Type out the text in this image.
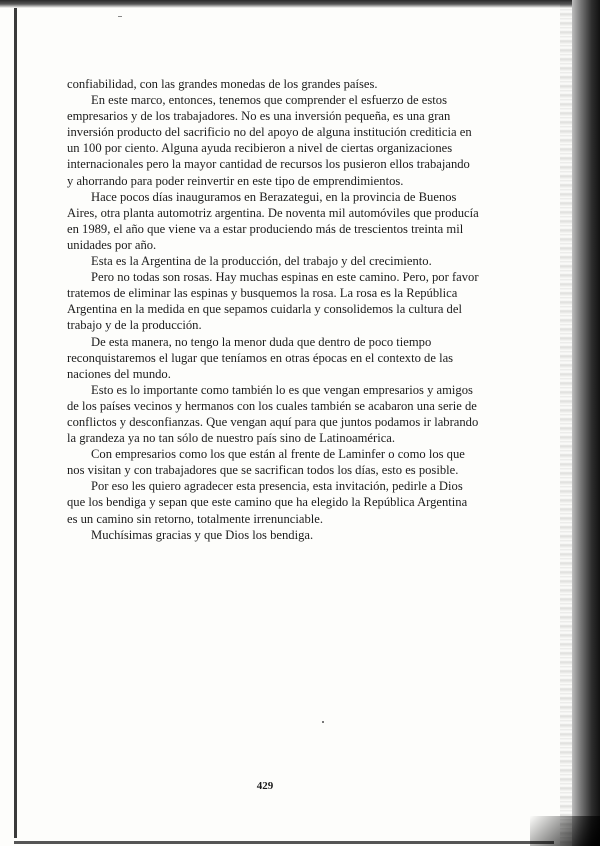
confiabilidad, con las grandes monedas de los grandes países.

En este marco, entonces, tenemos que comprender el esfuerzo de estos empresarios y de los trabajadores. No es una inversión pequeña, es una gran inversión producto del sacrificio no del apoyo de alguna institución crediticia en un 100 por ciento. Alguna ayuda recibieron a nivel de ciertas organizaciones internacionales pero la mayor cantidad de recursos los pusieron ellos trabajando y ahorrando para poder reinvertir en este tipo de emprendimientos.

Hace pocos días inauguramos en Berazategui, en la provincia de Buenos Aires, otra planta automotriz argentina. De noventa mil automóviles que producía en 1989, el año que viene va a estar produciendo más de trescientos treinta mil unidades por año.

Esta es la Argentina de la producción, del trabajo y del crecimiento.

Pero no todas son rosas. Hay muchas espinas en este camino. Pero, por favor tratemos de eliminar las espinas y busquemos la rosa. La rosa es la República Argentina en la medida en que sepamos cuidarla y consolidemos la cultura del trabajo y de la producción.

De esta manera, no tengo la menor duda que dentro de poco tiempo reconquistaremos el lugar que teníamos en otras épocas en el contexto de las naciones del mundo.

Esto es lo importante como también lo es que vengan empresarios y amigos de los países vecinos y hermanos con los cuales también se acabaron una serie de conflictos y desconfianzas. Que vengan aquí para que juntos podamos ir labrando la grandeza ya no tan sólo de nuestro país sino de Latinoamérica.

Con empresarios como los que están al frente de Laminfer o como los que nos visitan y con trabajadores que se sacrifican todos los días, esto es posible.

Por eso les quiero agradecer esta presencia, esta invitación, pedirle a Dios que los bendiga y sepan que este camino que ha elegido la República Argentina es un camino sin retorno, totalmente irrenunciable.

Muchísimas gracias y que Dios los bendiga.

429
